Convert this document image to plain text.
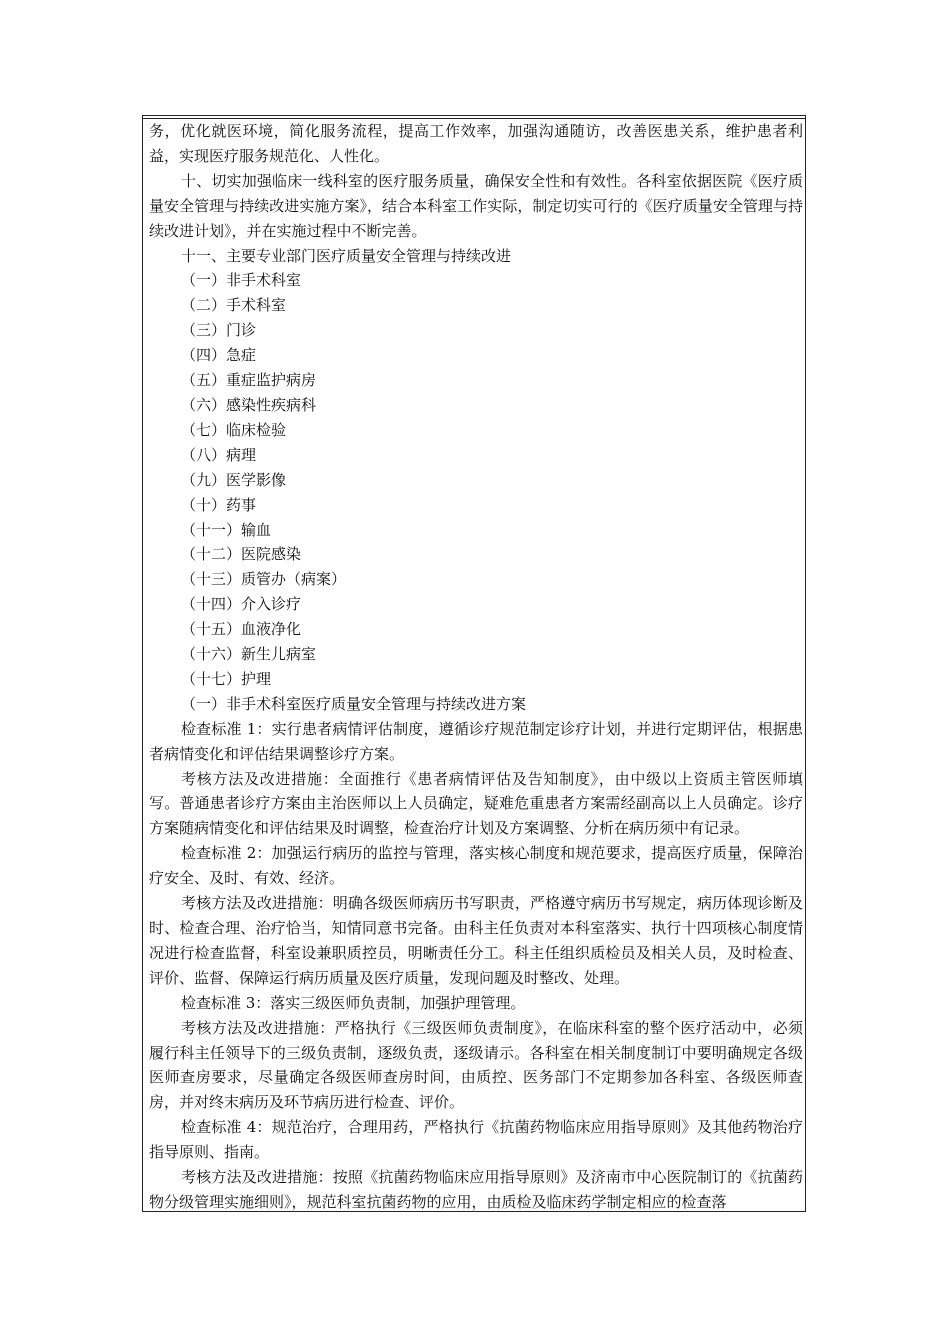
务，优化就医环境，简化服务流程，提高工作效率，加强沟通随访，改善医患关系，维护患者利益，实现医疗服务规范化、人性化。

十、切实加强临床一线科室的医疗服务质量，确保安全性和有效性。各科室依据医院《医疗质量安全管理与持续改进实施方案》，结合本科室工作实际，制定切实可行的《医疗质量安全管理与持续改进计划》，并在实施过程中不断完善。

十一、主要专业部门医疗质量安全管理与持续改进

（一）非手术科室

（二）手术科室

（三）门诊

（四）急症

（五）重症监护病房

（六）感染性疾病科

（七）临床检验

（八）病理

（九）医学影像

（十）药事

（十一）输血

（十二）医院感染

（十三）质管办（病案）

（十四）介入诊疗

（十五）血液净化

（十六）新生儿病室

（十七）护理

（一）非手术科室医疗质量安全管理与持续改进方案

检查标准 1：实行患者病情评估制度，遵循诊疗规范制定诊疗计划，并进行定期评估，根据患者病情变化和评估结果调整诊疗方案。

考核方法及改进措施：全面推行《患者病情评估及告知制度》，由中级以上资质主管医师填写。普通患者诊疗方案由主治医师以上人员确定，疑难危重患者方案需经副高以上人员确定。诊疗方案随病情变化和评估结果及时调整，检查治疗计划及方案调整、分析在病历须中有记录。

检查标准 2：加强运行病历的监控与管理，落实核心制度和规范要求，提高医疗质量，保障治疗安全、及时、有效、经济。

考核方法及改进措施：明确各级医师病历书写职责，严格遵守病历书写规定，病历体现诊断及时、检查合理、治疗恰当，知情同意书完备。由科主任负责对本科室落实、执行十四项核心制度情况进行检查监督，科室设兼职质控员，明晰责任分工。科主任组织质检员及相关人员，及时检查、评价、监督、保障运行病历质量及医疗质量，发现问题及时整改、处理。

检查标准 3：落实三级医师负责制，加强护理管理。

考核方法及改进措施：严格执行《三级医师负责制度》，在临床科室的整个医疗活动中，必须履行科主任领导下的三级负责制，逐级负责，逐级请示。各科室在相关制度制订中要明确规定各级医师查房要求，尽量确定各级医师查房时间，由质控、医务部门不定期参加各科室、各级医师查房，并对终末病历及环节病历进行检查、评价。

检查标准 4：规范治疗，合理用药，严格执行《抗菌药物临床应用指导原则》及其他药物治疗指导原则、指南。

考核方法及改进措施：按照《抗菌药物临床应用指导原则》及济南市中心医院制订的《抗菌药物分级管理实施细则》，规范科室抗菌药物的应用，由质检及临床药学制定相应的检查落
